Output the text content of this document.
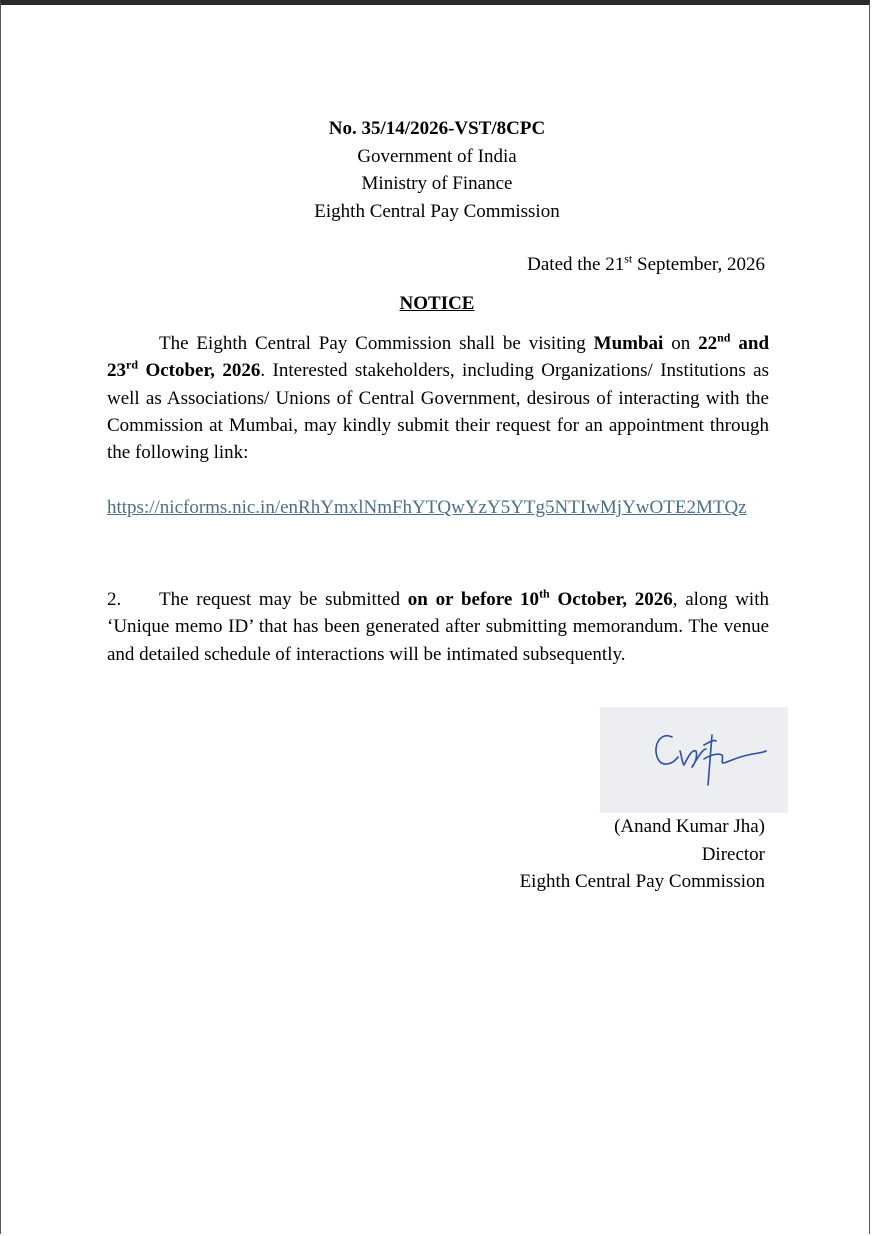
No. 35/14/2026-VST/8CPC
Government of India
Ministry of Finance
Eighth Central Pay Commission
Dated the 21st September, 2026
NOTICE
The Eighth Central Pay Commission shall be visiting Mumbai on 22nd and 23rd October, 2026. Interested stakeholders, including Organizations/ Institutions as well as Associations/ Unions of Central Government, desirous of interacting with the Commission at Mumbai, may kindly submit their request for an appointment through the following link:
https://nicforms.nic.in/enRhYmxlNmFhYTQwYzY5YTg5NTIwMjYwOTE2MTQz
2. The request may be submitted on or before 10th October, 2026, along with ‘Unique memo ID’ that has been generated after submitting memorandum. The venue and detailed schedule of interactions will be intimated subsequently.
(Anand Kumar Jha)
Director
Eighth Central Pay Commission
